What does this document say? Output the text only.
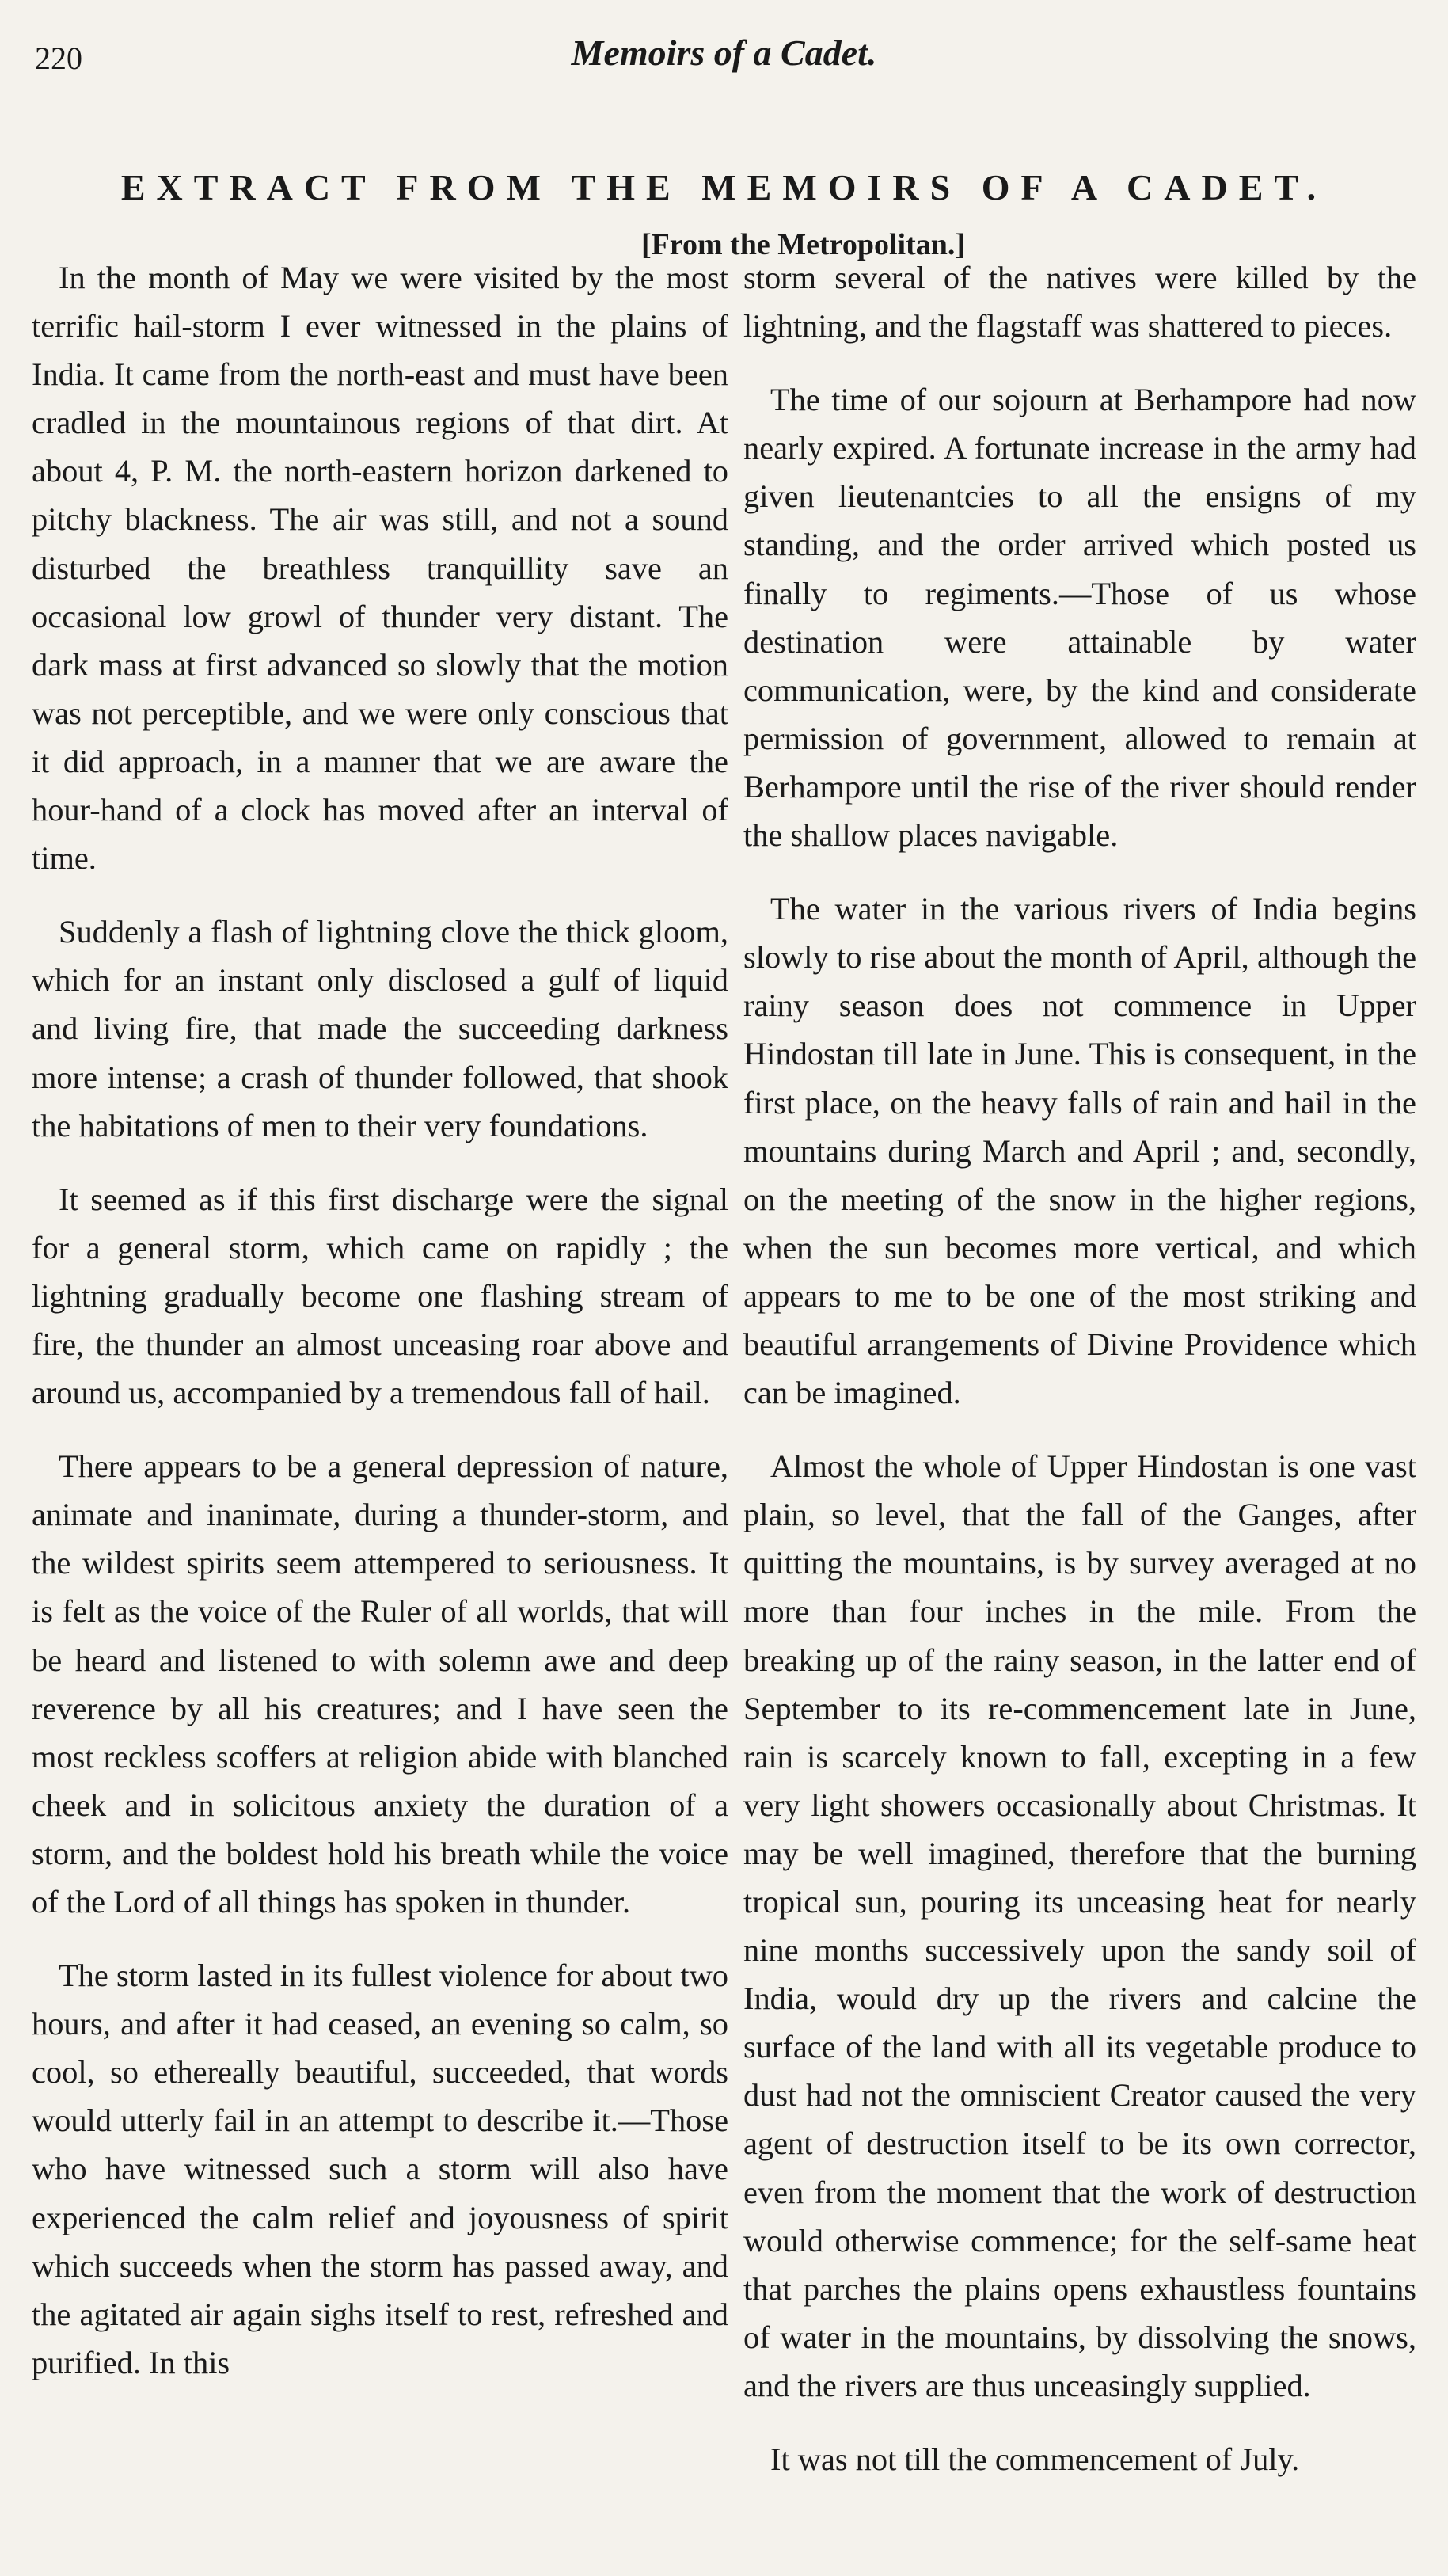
220	Memoirs of a Cadet.
EXTRACT FROM THE MEMOIRS OF A CADET.
[From the Metropolitan.]

In the month of May we were visited by the most terrific hail-storm I ever witnessed in the plains of India. It came from the north-east and must have been cradled in the mountainous regions of that dirt. At about 4, P. M. the north-eastern horizon darkened to pitchy blackness. The air was still, and not a sound disturbed the breathless tranquillity save an occasional low growl of thunder very distant. The dark mass at first advanced so slowly that the motion was not perceptible, and we were only conscious that it did approach, in a manner that we are aware the hour-hand of a clock has moved after an interval of time.

Suddenly a flash of lightning clove the thick gloom, which for an instant only disclosed a gulf of liquid and living fire, that made the succeeding darkness more intense; a crash of thunder followed, that shook the habitations of men to their very foundations.

It seemed as if this first discharge were the signal for a general storm, which came on rapidly ; the lightning gradually become one flashing stream of fire, the thunder an almost unceasing roar above and around us, accompanied by a tremendous fall of hail.

There appears to be a general depression of nature, animate and inanimate, during a thunder-storm, and the wildest spirits seem attempered to seriousness. It is felt as the voice of the Ruler of all worlds, that will be heard and listened to with solemn awe and deep reverence by all his creatures; and I have seen the most reckless scoffers at religion abide with blanched cheek and in solicitous anxiety the duration of a storm, and the boldest hold his breath while the voice of the Lord of all things has spoken in thunder.

The storm lasted in its fullest violence for about two hours, and after it had ceased, an evening so calm, so cool, so ethereally beautiful, succeeded, that words would utterly fail in an attempt to describe it.—Those who have witnessed such a storm will also have experienced the calm relief and joyousness of spirit which succeeds when the storm has passed away, and the agitated air again sighs itself to rest, refreshed and purified. In this

storm several of the natives were killed by the lightning, and the flagstaff was shattered to pieces.

The time of our sojourn at Berhampore had now nearly expired. A fortunate increase in the army had given lieutenantcies to all the ensigns of my standing, and the order arrived which posted us finally to regiments.—Those of us whose destination were attainable by water communication, were, by the kind and considerate permission of government, allowed to remain at Berhampore until the rise of the river should render the shallow places navigable.

The water in the various rivers of India begins slowly to rise about the month of April, although the rainy season does not commence in Upper Hindostan till late in June. This is consequent, in the first place, on the heavy falls of rain and hail in the mountains during March and April ; and, secondly, on the meeting of the snow in the higher regions, when the sun becomes more vertical, and which appears to me to be one of the most striking and beautiful arrangements of Divine Providence which can be imagined.

Almost the whole of Upper Hindostan is one vast plain, so level, that the fall of the Ganges, after quitting the mountains, is by survey averaged at no more than four inches in the mile. From the breaking up of the rainy season, in the latter end of September to its re-commencement late in June, rain is scarcely known to fall, excepting in a few very light showers occasionally about Christmas. It may be well imagined, therefore that the burning tropical sun, pouring its unceasing heat for nearly nine months successively upon the sandy soil of India, would dry up the rivers and calcine the surface of the land with all its vegetable produce to dust had not the omniscient Creator caused the very agent of destruction itself to be its own corrector, even from the moment that the work of destruction would otherwise commence; for the self-same heat that parches the plains opens exhaustless fountains of water in the mountains, by dissolving the snows, and the rivers are thus unceasingly supplied.

It was not till the commencement of July.
